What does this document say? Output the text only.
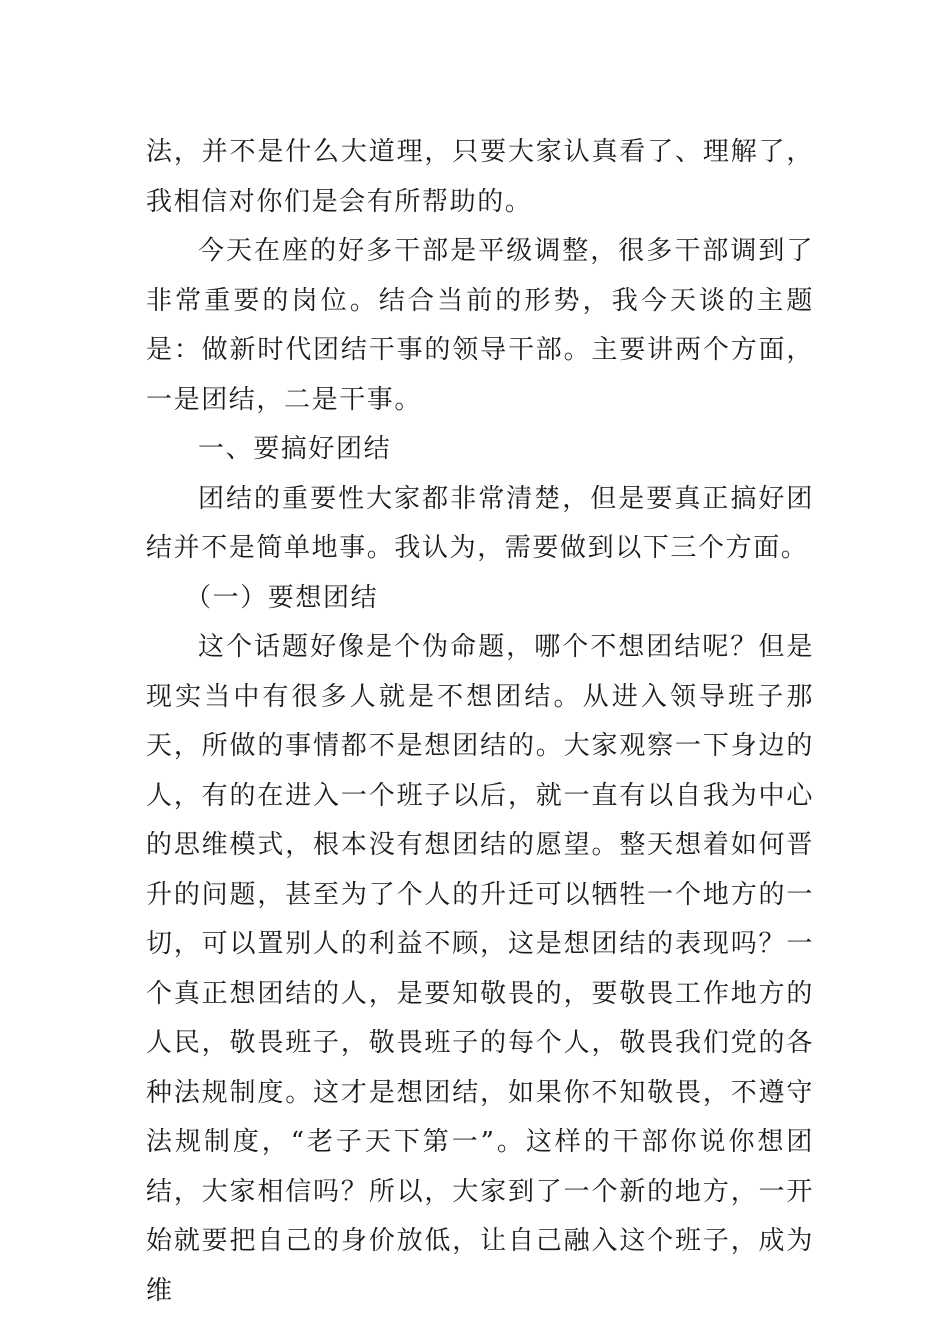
法，并不是什么大道理，只要大家认真看了、理解了，我相信对你们是会有所帮助的。

今天在座的好多干部是平级调整，很多干部调到了非常重要的岗位。结合当前的形势，我今天谈的主题是：做新时代团结干事的领导干部。主要讲两个方面，一是团结，二是干事。

一、要搞好团结

团结的重要性大家都非常清楚，但是要真正搞好团结并不是简单地事。我认为，需要做到以下三个方面。

（一）要想团结

这个话题好像是个伪命题，哪个不想团结呢？但是现实当中有很多人就是不想团结。从进入领导班子那天，所做的事情都不是想团结的。大家观察一下身边的人，有的在进入一个班子以后，就一直有以自我为中心的思维模式，根本没有想团结的愿望。整天想着如何晋升的问题，甚至为了个人的升迁可以牺牲一个地方的一切，可以置别人的利益不顾，这是想团结的表现吗？一个真正想团结的人，是要知敬畏的，要敬畏工作地方的人民，敬畏班子，敬畏班子的每个人，敬畏我们党的各种法规制度。这才是想团结，如果你不知敬畏，不遵守法规制度，“老子天下第一”。这样的干部你说你想团结，大家相信吗？所以，大家到了一个新的地方，一开始就要把自己的身价放低，让自己融入这个班子，成为维
